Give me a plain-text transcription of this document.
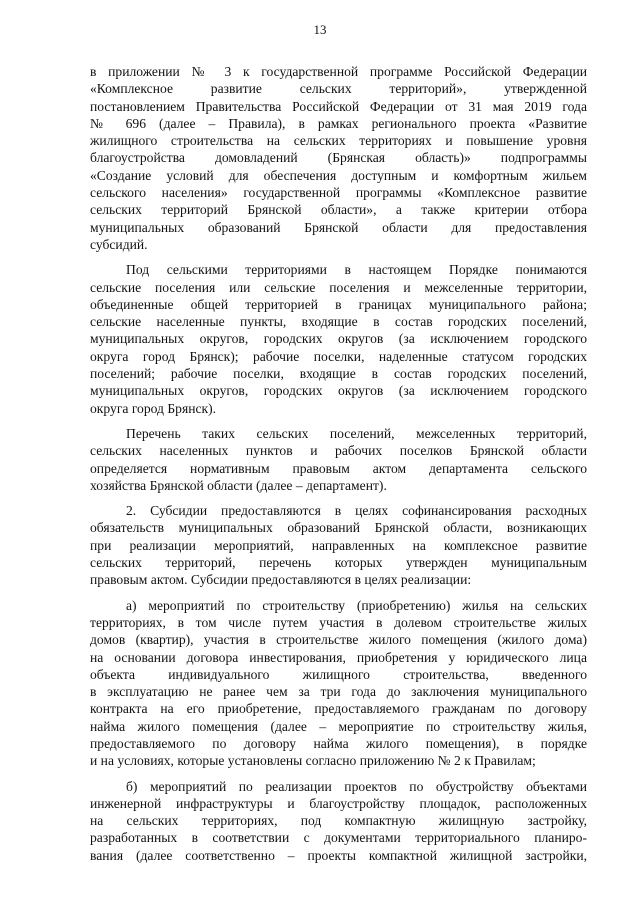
13
в приложении № 3 к государственной программе Российской Федерации
«Комплексное развитие сельских территорий», утвержденной
постановлением Правительства Российской Федерации от 31 мая 2019 года
№ 696 (далее – Правила), в рамках регионального проекта «Развитие
жилищного строительства на сельских территориях и повышение уровня
благоустройства домовладений (Брянская область)» подпрограммы
«Создание условий для обеспечения доступным и комфортным жильем
сельского населения» государственной программы «Комплексное развитие
сельских территорий Брянской области», а также критерии отбора
муниципальных образований Брянской области для предоставления
субсидий.
Под сельскими территориями в настоящем Порядке понимаются
сельские поселения или сельские поселения и межселенные территории,
объединенные общей территорией в границах муниципального района;
сельские населенные пункты, входящие в состав городских поселений,
муниципальных округов, городских округов (за исключением городского
округа город Брянск); рабочие поселки, наделенные статусом городских
поселений; рабочие поселки, входящие в состав городских поселений,
муниципальных округов, городских округов (за исключением городского
округа город Брянск).
Перечень таких сельских поселений, межселенных территорий,
сельских населенных пунктов и рабочих поселков Брянской области
определяется нормативным правовым актом департамента сельского
хозяйства Брянской области (далее – департамент).
2. Субсидии предоставляются в целях софинансирования расходных
обязательств муниципальных образований Брянской области, возникающих
при реализации мероприятий, направленных на комплексное развитие
сельских территорий, перечень которых утвержден муниципальным
правовым актом. Субсидии предоставляются в целях реализации:
а) мероприятий по строительству (приобретению) жилья на сельских
территориях, в том числе путем участия в долевом строительстве жилых
домов (квартир), участия в строительстве жилого помещения (жилого дома)
на основании договора инвестирования, приобретения у юридического лица
объекта индивидуального жилищного строительства, введенного
в эксплуатацию не ранее чем за три года до заключения муниципального
контракта на его приобретение, предоставляемого гражданам по договору
найма жилого помещения (далее – мероприятие по строительству жилья,
предоставляемого по договору найма жилого помещения), в порядке
и на условиях, которые установлены согласно приложению № 2 к Правилам;
б) мероприятий по реализации проектов по обустройству объектами
инженерной инфраструктуры и благоустройству площадок, расположенных
на сельских территориях, под компактную жилищную застройку,
разработанных в соответствии с документами территориального планиро-
вания (далее соответственно – проекты компактной жилищной застройки,
